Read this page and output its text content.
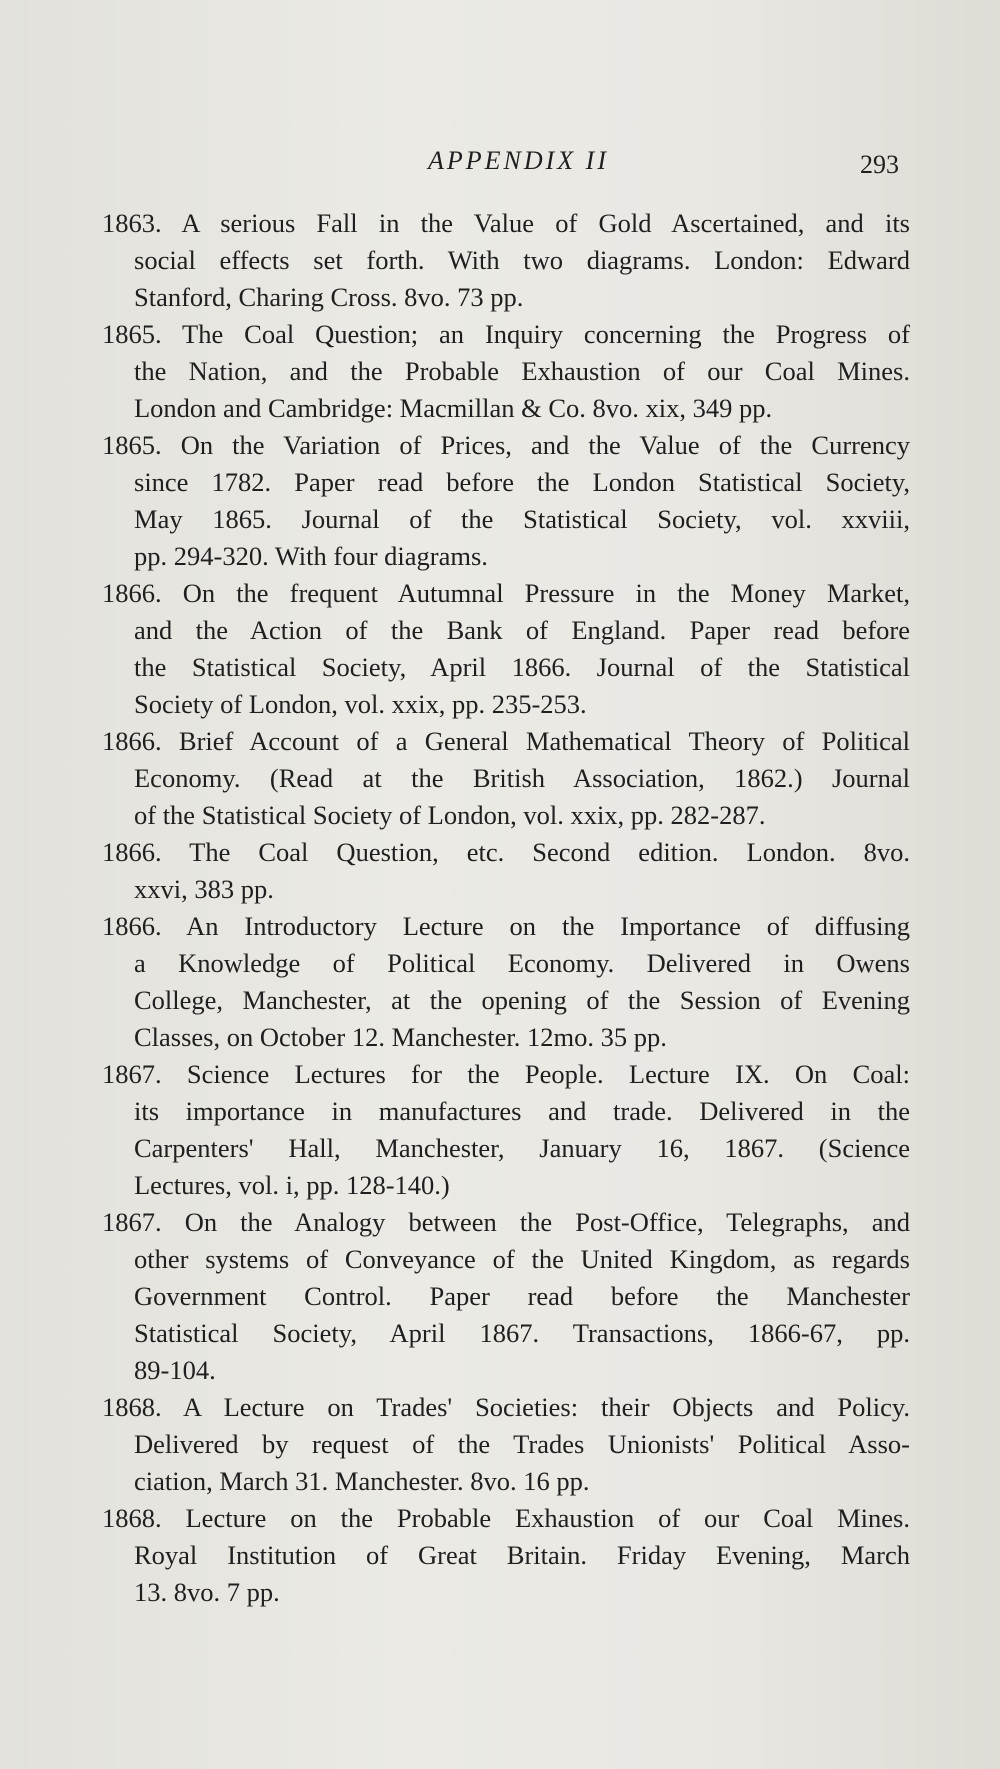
APPENDIX II	293
1863. A serious Fall in the Value of Gold Ascertained, and its
social effects set forth. With two diagrams. London: Edward
Stanford, Charing Cross. 8vo. 73 pp.
1865. The Coal Question; an Inquiry concerning the Progress of
the Nation, and the Probable Exhaustion of our Coal Mines.
London and Cambridge: Macmillan & Co. 8vo. xix, 349 pp.
1865. On the Variation of Prices, and the Value of the Currency
since 1782. Paper read before the London Statistical Society,
May 1865. Journal of the Statistical Society, vol. xxviii,
pp. 294-320. With four diagrams.
1866. On the frequent Autumnal Pressure in the Money Market,
and the Action of the Bank of England. Paper read before
the Statistical Society, April 1866. Journal of the Statistical
Society of London, vol. xxix, pp. 235-253.
1866. Brief Account of a General Mathematical Theory of Political
Economy. (Read at the British Association, 1862.) Journal
of the Statistical Society of London, vol. xxix, pp. 282-287.
1866. The Coal Question, etc. Second edition. London. 8vo.
xxvi, 383 pp.
1866. An Introductory Lecture on the Importance of diffusing
a Knowledge of Political Economy. Delivered in Owens
College, Manchester, at the opening of the Session of Evening
Classes, on October 12. Manchester. 12mo. 35 pp.
1867. Science Lectures for the People. Lecture IX. On Coal:
its importance in manufactures and trade. Delivered in the
Carpenters' Hall, Manchester, January 16, 1867. (Science
Lectures, vol. i, pp. 128-140.)
1867. On the Analogy between the Post-Office, Telegraphs, and
other systems of Conveyance of the United Kingdom, as regards
Government Control. Paper read before the Manchester
Statistical Society, April 1867. Transactions, 1866-67, pp.
89-104.
1868. A Lecture on Trades' Societies: their Objects and Policy.
Delivered by request of the Trades Unionists' Political Asso-
ciation, March 31. Manchester. 8vo. 16 pp.
1868. Lecture on the Probable Exhaustion of our Coal Mines.
Royal Institution of Great Britain. Friday Evening, March
13. 8vo. 7 pp.
